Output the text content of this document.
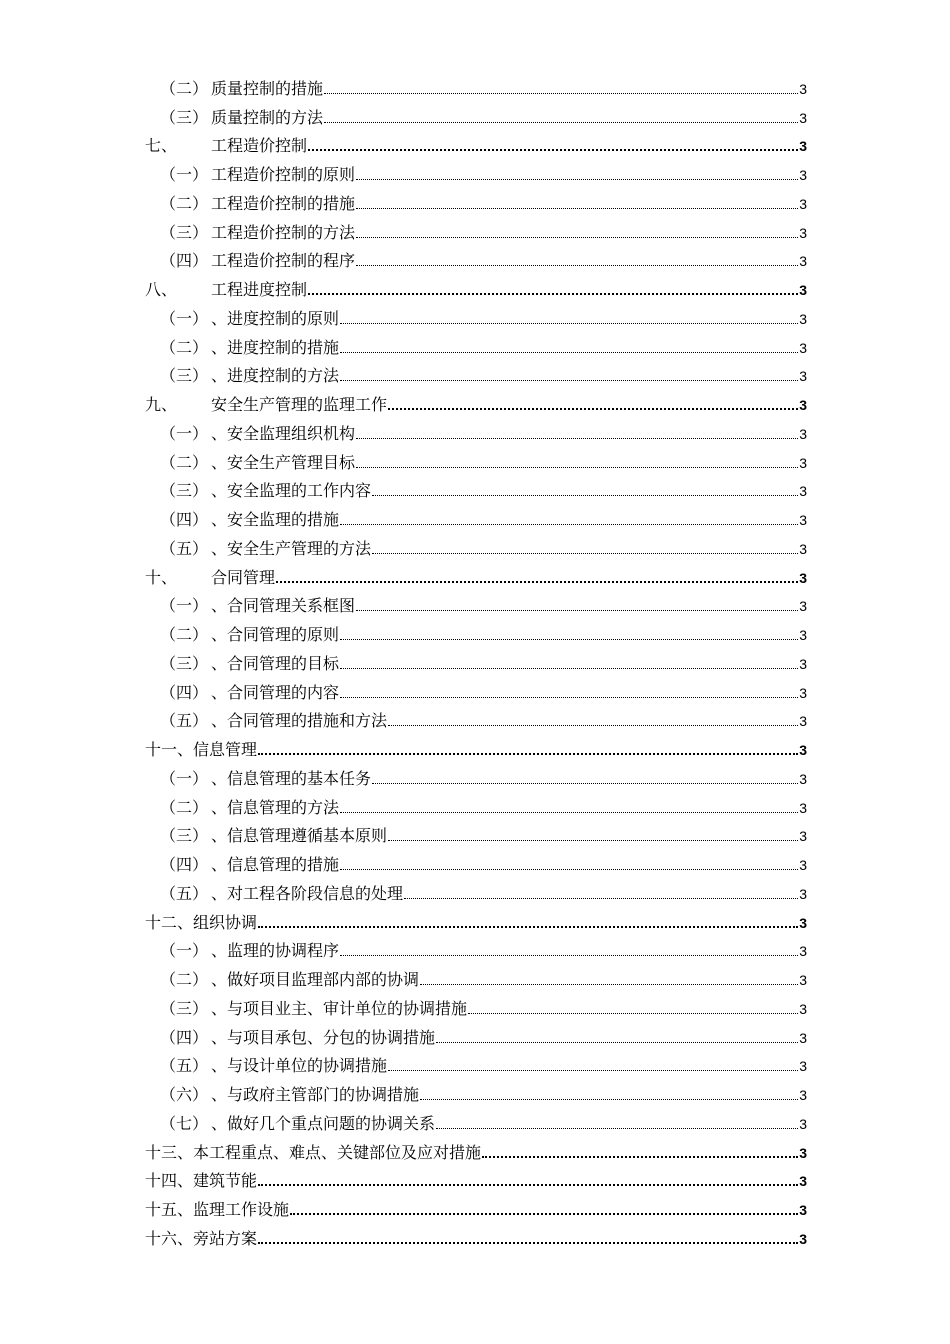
（二） 质量控制的措施	3
（三） 质量控制的方法	3
七、	工程造价控制	3
（一） 工程造价控制的原则	3
（二） 工程造价控制的措施	3
（三） 工程造价控制的方法	3
（四） 工程造价控制的程序	3
八、	工程进度控制	3
（一） 、进度控制的原则	3
（二） 、进度控制的措施	3
（三） 、进度控制的方法	3
九、	安全生产管理的监理工作	3
（一） 、安全监理组织机构	3
（二） 、安全生产管理目标	3
（三） 、安全监理的工作内容	3
（四） 、安全监理的措施	3
（五） 、安全生产管理的方法	3
十、	合同管理	3
（一） 、合同管理关系框图	3
（二） 、合同管理的原则	3
（三） 、合同管理的目标	3
（四） 、合同管理的内容	3
（五） 、合同管理的措施和方法	3
十一、 信息管理	3
（一） 、信息管理的基本任务	3
（二） 、信息管理的方法	3
（三） 、信息管理遵循基本原则	3
（四） 、信息管理的措施	3
（五） 、对工程各阶段信息的处理	3
十二、 组织协调	3
（一） 、监理的协调程序	3
（二） 、做好项目监理部内部的协调	3
（三） 、与项目业主、审计单位的协调措施	3
（四） 、与项目承包、分包的协调措施	3
（五） 、与设计单位的协调措施	3
（六） 、与政府主管部门的协调措施	3
（七） 、做好几个重点问题的协调关系	3
十三、 本工程重点、难点、关键部位及应对措施	3
十四、 建筑节能	3
十五、 监理工作设施	3
十六、 旁站方案	3
